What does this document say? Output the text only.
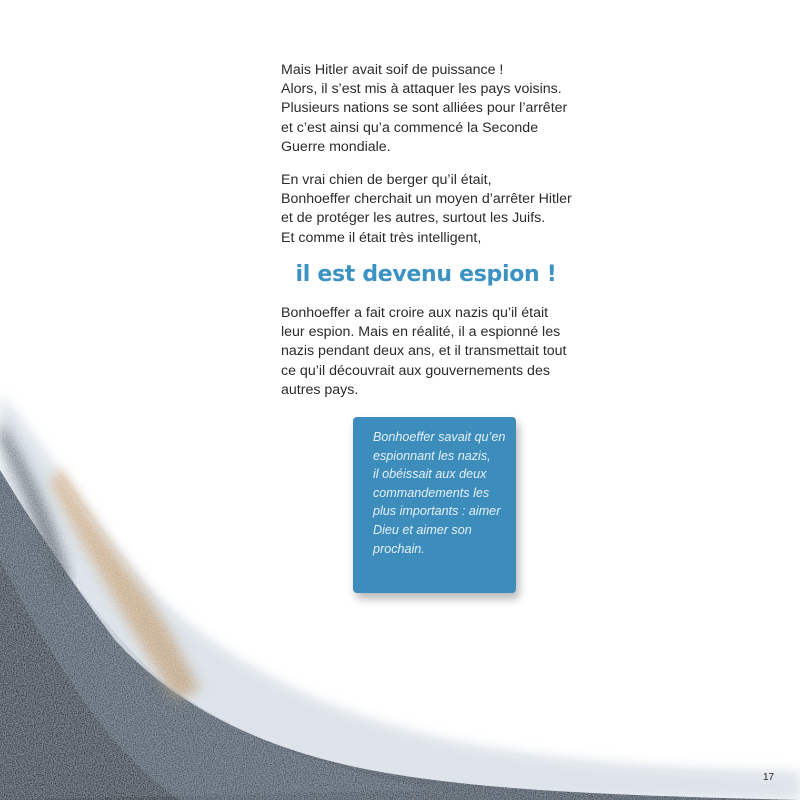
Mais Hitler avait soif de puissance !
Alors, il s’est mis à attaquer les pays voisins.
Plusieurs nations se sont alliées pour l’arrêter
et c’est ainsi qu’a commencé la Seconde
Guerre mondiale.
En vrai chien de berger qu’il était,
Bonhoeffer cherchait un moyen d’arrêter Hitler
et de protéger les autres, surtout les Juifs.
Et comme il était très intelligent,
il est devenu espion !
Bonhoeffer a fait croire aux nazis qu’il était
leur espion. Mais en réalité, il a espionné les
nazis pendant deux ans, et il transmettait tout
ce qu’il découvrait aux gouvernements des
autres pays.
Bonhoeffer savait qu’en
espionnant les nazis,
il obéissait aux deux
commandements les
plus importants : aimer
Dieu et aimer son
prochain.
17
